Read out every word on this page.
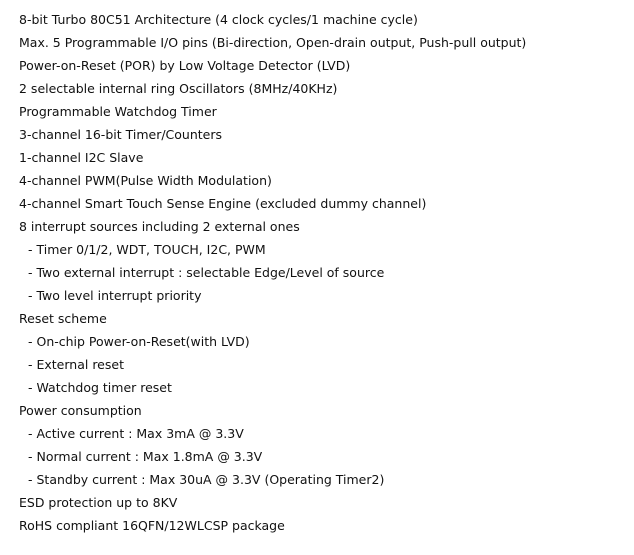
8-bit Turbo 80C51 Architecture (4 clock cycles/1 machine cycle)
Max. 5 Programmable I/O pins (Bi-direction, Open-drain output, Push-pull output)
Power-on-Reset (POR) by Low Voltage Detector (LVD)
2 selectable internal ring Oscillators (8MHz/40KHz)
Programmable Watchdog Timer
3-channel 16-bit Timer/Counters
1-channel I2C Slave
4-channel PWM(Pulse Width Modulation)
4-channel Smart Touch Sense Engine (excluded dummy channel)
8 interrupt sources including 2 external ones
- Timer 0/1/2, WDT, TOUCH, I2C, PWM
- Two external interrupt : selectable Edge/Level of source
- Two level interrupt priority
Reset scheme
- On-chip Power-on-Reset(with LVD)
- External reset
- Watchdog timer reset
Power consumption
- Active current : Max 3mA @ 3.3V
- Normal current : Max 1.8mA @ 3.3V
- Standby current : Max 30uA @ 3.3V (Operating Timer2)
ESD protection up to 8KV
RoHS compliant 16QFN/12WLCSP package
